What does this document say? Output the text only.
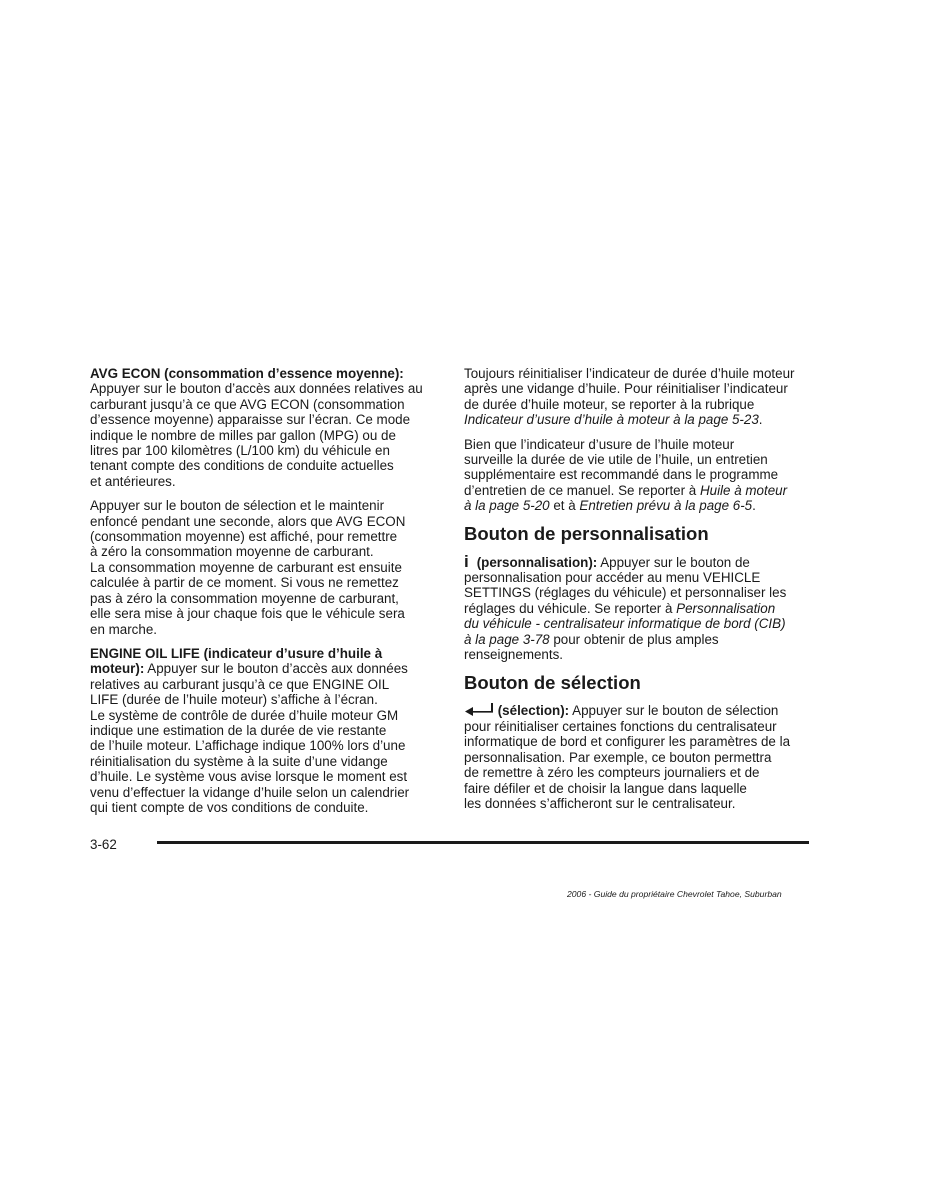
AVG ECON (consommation d’essence moyenne):
Appuyer sur le bouton d’accès aux données relatives au
carburant jusqu’à ce que AVG ECON (consommation
d’essence moyenne) apparaisse sur l’écran. Ce mode
indique le nombre de milles par gallon (MPG) ou de
litres par 100 kilomètres (L/100 km) du véhicule en
tenant compte des conditions de conduite actuelles
et antérieures.

Appuyer sur le bouton de sélection et le maintenir
enfoncé pendant une seconde, alors que AVG ECON
(consommation moyenne) est affiché, pour remettre
à zéro la consommation moyenne de carburant.
La consommation moyenne de carburant est ensuite
calculée à partir de ce moment. Si vous ne remettez
pas à zéro la consommation moyenne de carburant,
elle sera mise à jour chaque fois que le véhicule sera
en marche.

ENGINE OIL LIFE (indicateur d’usure d’huile à
moteur): Appuyer sur le bouton d’accès aux données
relatives au carburant jusqu’à ce que ENGINE OIL
LIFE (durée de l’huile moteur) s’affiche à l’écran.
Le système de contrôle de durée d’huile moteur GM
indique une estimation de la durée de vie restante
de l’huile moteur. L’affichage indique 100% lors d’une
réinitialisation du système à la suite d’une vidange
d’huile. Le système vous avise lorsque le moment est
venu d’effectuer la vidange d’huile selon un calendrier
qui tient compte de vos conditions de conduite.

Toujours réinitialiser l’indicateur de durée d’huile moteur
après une vidange d’huile. Pour réinitialiser l’indicateur
de durée d’huile moteur, se reporter à la rubrique
Indicateur d’usure d’huile à moteur à la page 5-23.

Bien que l’indicateur d’usure de l’huile moteur
surveille la durée de vie utile de l’huile, un entretien
supplémentaire est recommandé dans le programme
d’entretien de ce manuel. Se reporter à Huile à moteur
à la page 5-20 et à Entretien prévu à la page 6-5.

Bouton de personnalisation

i (personnalisation): Appuyer sur le bouton de
personnalisation pour accéder au menu VEHICLE
SETTINGS (réglages du véhicule) et personnaliser les
réglages du véhicule. Se reporter à Personnalisation
du véhicule - centralisateur informatique de bord (CIB)
à la page 3-78 pour obtenir de plus amples
renseignements.

Bouton de sélection

(sélection): Appuyer sur le bouton de sélection
pour réinitialiser certaines fonctions du centralisateur
informatique de bord et configurer les paramètres de la
personnalisation. Par exemple, ce bouton permettra
de remettre à zéro les compteurs journaliers et de
faire défiler et de choisir la langue dans laquelle
les données s’afficheront sur le centralisateur.

3-62
2006 - Guide du propriétaire Chevrolet Tahoe, Suburban
